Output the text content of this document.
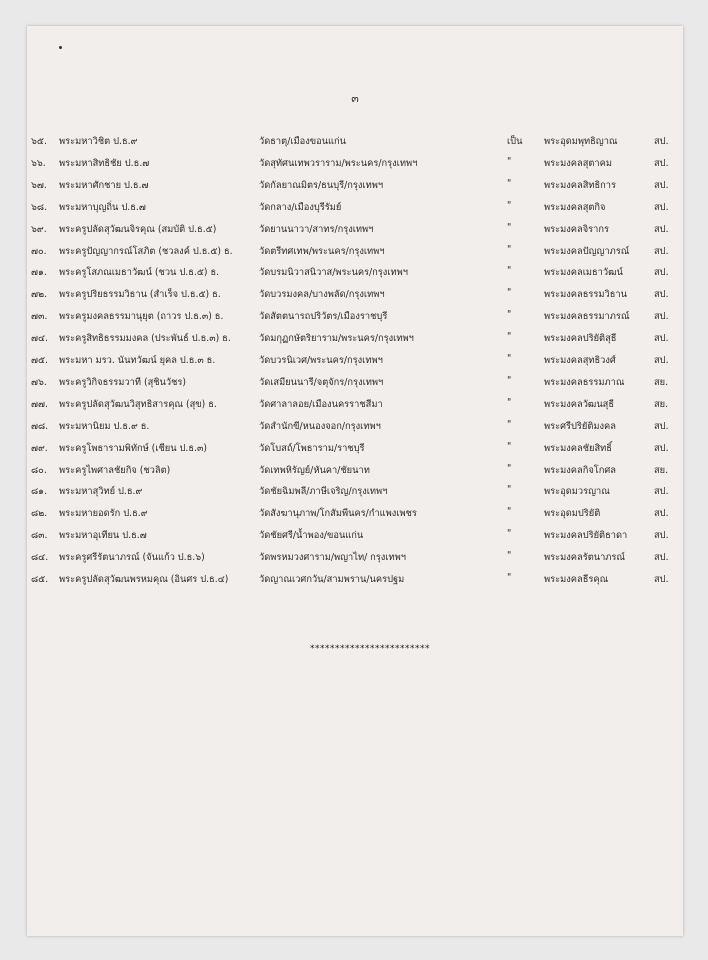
๓
๖๕. พระมหาวิชิต ป.ธ.๙	วัดธาตุ/เมืองขอนแก่น	เป็น	พระอุดมพุทธิญาณ	สป.
๖๖. พระมหาสิทธิชัย ป.ธ.๗	วัดสุทัศนเทพวราราม/พระนคร/กรุงเทพฯ	"	พระมงคลสุตาคม	สป.
๖๗. พระมหาศักชาย ป.ธ.๗	วัดกัลยาณมิตร/ธนบุรี/กรุงเทพฯ	"	พระมงคลสิทธิการ	สป.
๖๘. พระมหาบุญถิ่น ป.ธ.๗	วัดกลาง/เมืองบุรีรัมย์	"	พระมงคลสุตกิจ	สป.
๖๙. พระครูปลัดสุวัฒนจิรคุณ (สมบัติ ป.ธ.๕)	วัดยานนาวา/สาทร/กรุงเทพฯ	"	พระมงคลจิรากร	สป.
๗๐. พระครูปัญญากรณ์โสภิต (ชวลงค์ ป.ธ.๕) ธ.	วัดตรีทศเทพ/พระนคร/กรุงเทพฯ	"	พระมงคลปัญญาภรณ์	สป.
๗๑. พระครูโสภณเมธาวัฒน์ (ชวน ป.ธ.๕) ธ.	วัดบรมนิวาสนิวาส/พระนคร/กรุงเทพฯ	"	พระมงคลเมธาวัฒน์	สป.
๗๒. พระครูปริยธรรมวิธาน (สำเร็จ ป.ธ.๕) ธ.	วัดบวรมงคล/บางพลัด/กรุงเทพฯ	"	พระมงคลธรรมวิธาน	สป.
๗๓. พระครูมงคลธรรมานุยุต (ถาวร ป.ธ.๓) ธ.	วัดสัตตนารถปริวัตร/เมืองราชบุรี	"	พระมงคลธรรมาภรณ์	สป.
๗๔. พระครูสิทธิธรรมมงคล (ประพันธ์ ป.ธ.๓) ธ.	วัดมกุฏกษัตริยาราม/พระนคร/กรุงเทพฯ	"	พระมงคลปริยัติสุธี	สป.
๗๕. พระมหา มรว. นันทวัฒน์ ยุคล ป.ธ.๓ ธ.	วัดบวรนิเวศ/พระนคร/กรุงเทพฯ	"	พระมงคลสุทธิวงศ์	สป.
๗๖. พระครูวิกิจธรรมวาที (สุชินวัชร)	วัดเสมียนนารี/จตุจักร/กรุงเทพฯ	"	พระมงคลธรรมภาณ	สย.
๗๗. พระครูปลัดสุวัฒนวิสุทธิสารคุณ (สุข) ธ.	วัดศาลาลอย/เมืองนครราชสีมา	"	พระมงคลวัฒนสุธี	สย.
๗๘. พระมหานิยม ป.ธ.๙ ธ.	วัดสำนักขี/หนองจอก/กรุงเทพฯ	"	พระศรีปริยัติมงคล	สป.
๗๙. พระครูโพธารามพิทักษ์ (เชียน ป.ธ.๓)	วัดโบสถ์/โพธาราม/ราชบุรี	"	พระมงคลชัยสิทธิ์	สป.
๘๐. พระครูไพศาลชัยกิจ (ชวลิต)	วัดเทพหิรัญย์/หันคา/ชัยนาท	"	พระมงคลกิจโกศล	สย.
๘๑. พระมหาสุวิทย์ ป.ธ.๙	วัดชัยฉิมพลี/ภาษีเจริญ/กรุงเทพฯ	"	พระอุดมวรญาณ	สป.
๘๒. พระมหายอดรัก ป.ธ.๙	วัดสังฆานุภาพ/โกสัมพีนคร/กำแพงเพชร	"	พระอุดมปริยัติ	สป.
๘๓. พระมหาอุเทียน ป.ธ.๗	วัดชัยศรี/น้ำพอง/ขอนแก่น	"	พระมงคลปริยัติธาดา	สป.
๘๔. พระครูศรีรัตนาภรณ์ (จันแก้ว ป.ธ.๖)	วัดพรหมวงศาราม/พญาไท/ กรุงเทพฯ	"	พระมงคลรัตนาภรณ์	สป.
๘๕. พระครูปลัดสุวัฒนพรหมคุณ (อินศร ป.ธ.๔)	วัดญาณเวศกวัน/สามพราน/นครปฐม	"	พระมงคลธีรคุณ	สป.
************************
